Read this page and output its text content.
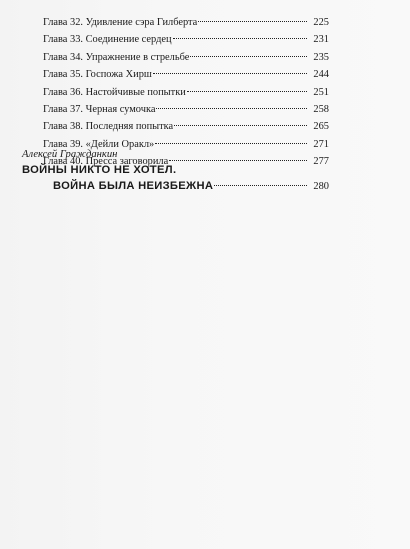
Глава 32. Удивление сэра Гилберта	225
Глава 33. Соединение сердец	231
Глава 34. Упражнение в стрельбе	235
Глава 35. Госпожа Хирш	244
Глава 36. Настойчивые попытки	251
Глава 37. Черная сумочка	258
Глава 38. Последняя попытка	265
Глава 39. «Дейли Оракл»	271
Глава 40. Пресса заговорила	277
Алексей Гражданкин
ВОЙНЫ НИКТО НЕ ХОТЕЛ.
ВОЙНА БЫЛА НЕИЗБЕЖНА	280
